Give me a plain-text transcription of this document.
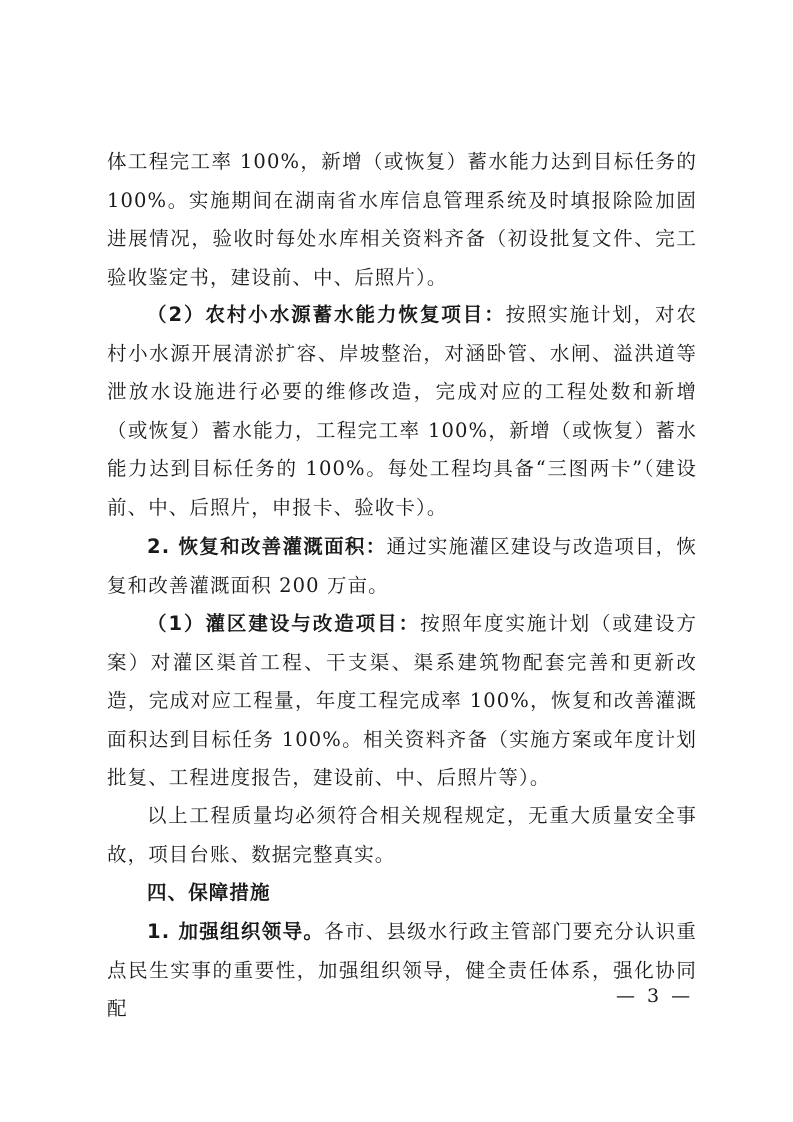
体工程完工率 100%，新增（或恢复）蓄水能力达到目标任务的100%。实施期间在湖南省水库信息管理系统及时填报除险加固进展情况，验收时每处水库相关资料齐备（初设批复文件、完工验收鉴定书，建设前、中、后照片）。
（2）农村小水源蓄水能力恢复项目：按照实施计划，对农村小水源开展清淤扩容、岸坡整治，对涵卧管、水闸、溢洪道等泄放水设施进行必要的维修改造，完成对应的工程处数和新增（或恢复）蓄水能力，工程完工率 100%，新增（或恢复）蓄水能力达到目标任务的 100%。每处工程均具备“三图两卡”（建设前、中、后照片，申报卡、验收卡）。
2. 恢复和改善灌溉面积：通过实施灌区建设与改造项目，恢复和改善灌溉面积 200 万亩。
（1）灌区建设与改造项目：按照年度实施计划（或建设方案）对灌区渠首工程、干支渠、渠系建筑物配套完善和更新改造，完成对应工程量，年度工程完成率 100%，恢复和改善灌溉面积达到目标任务 100%。相关资料齐备（实施方案或年度计划批复、工程进度报告，建设前、中、后照片等）。
以上工程质量均必须符合相关规程规定，无重大质量安全事故，项目台账、数据完整真实。
四、保障措施
1. 加强组织领导。各市、县级水行政主管部门要充分认识重点民生实事的重要性，加强组织领导，健全责任体系，强化协同配
— 3 —
